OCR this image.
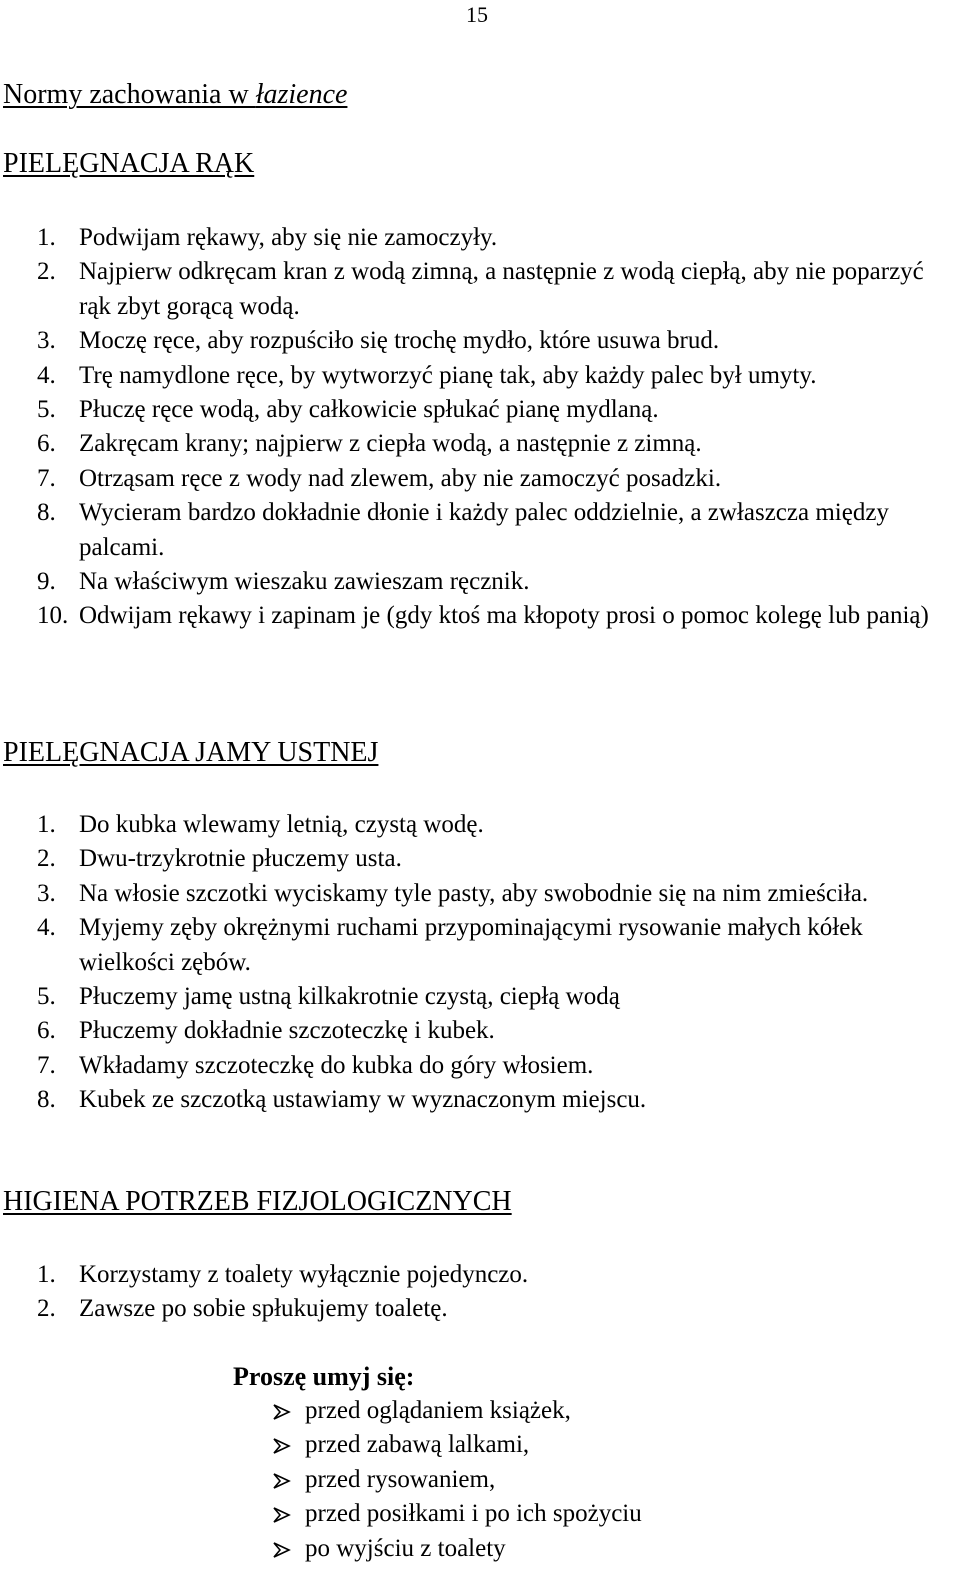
15
Normy zachowania w łazience
PIELĘGNACJA RĄK
1. Podwijam rękawy, aby się nie zamoczyły.
2. Najpierw odkręcam kran z wodą zimną, a następnie z wodą ciepłą, aby nie poparzyć rąk zbyt gorącą wodą.
3. Moczę ręce, aby rozpuściło się trochę mydło, które usuwa brud.
4. Trę namydlone ręce, by wytworzyć pianę tak, aby każdy palec był umyty.
5. Płuczę ręce wodą, aby całkowicie spłukać pianę mydlaną.
6. Zakręcam krany; najpierw z ciepła wodą, a następnie z zimną.
7. Otrząsam ręce z wody nad zlewem, aby nie zamoczyć posadzki.
8. Wycieram bardzo dokładnie dłonie i każdy palec oddzielnie, a zwłaszcza między palcami.
9. Na właściwym wieszaku zawieszam ręcznik.
10. Odwijam rękawy i zapinam je (gdy ktoś ma kłopoty prosi o pomoc kolegę lub panią)
PIELĘGNACJA JAMY USTNEJ
1. Do kubka wlewamy letnią, czystą wodę.
2. Dwu-trzykrotnie płuczemy usta.
3. Na włosie szczotki wyciskamy tyle pasty, aby swobodnie się na nim zmieściła.
4. Myjemy zęby okrężnymi ruchami przypominającymi rysowanie małych kółek wielkości zębów.
5. Płuczemy jamę ustną kilkakrotnie czystą, ciepłą wodą
6. Płuczemy dokładnie szczoteczkę i kubek.
7. Wkładamy szczoteczkę do kubka do góry włosiem.
8. Kubek ze szczotką ustawiamy w wyznaczonym miejscu.
HIGIENA POTRZEB FIZJOLOGICZNYCH
1. Korzystamy z toalety wyłącznie pojedynczo.
2. Zawsze po sobie spłukujemy toaletę.

Proszę umyj się:

przed oglądaniem książek,
przed zabawą lalkami,
przed rysowaniem,
przed posiłkami i po ich spożyciu
po wyjściu z toalety
